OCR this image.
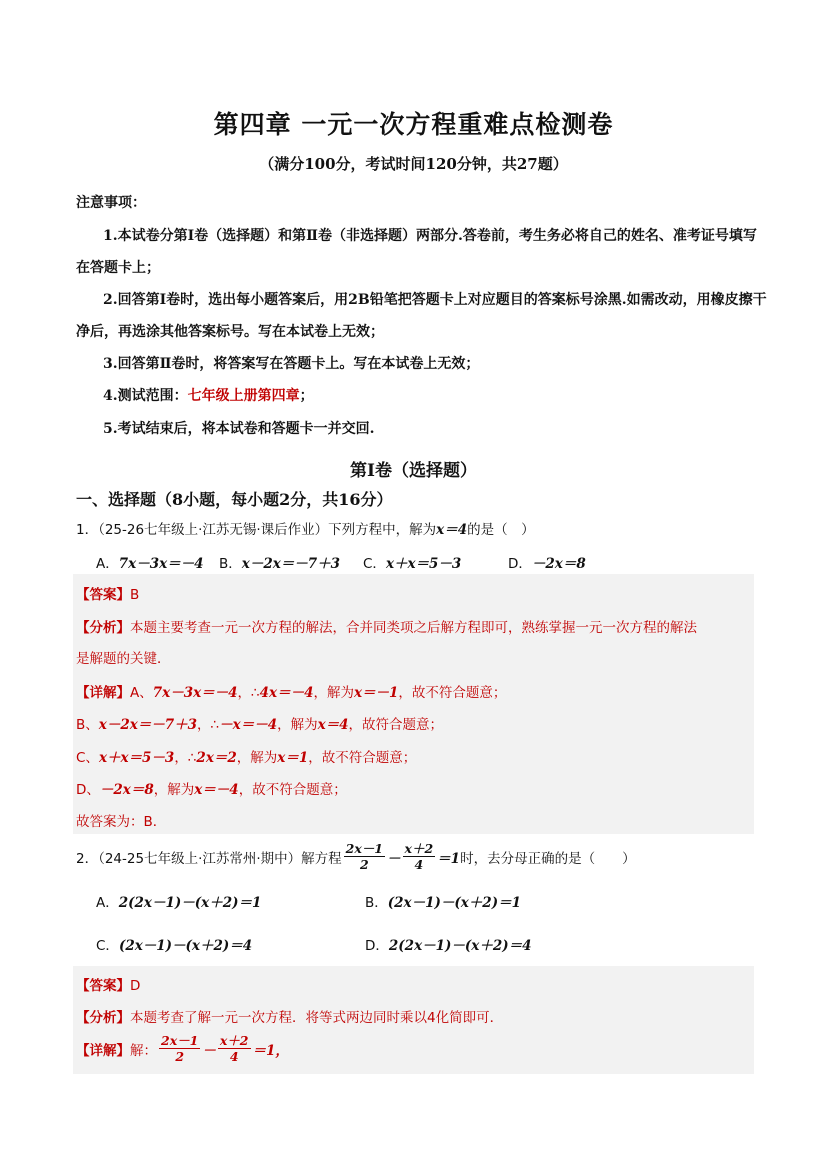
第四章 一元一次方程重难点检测卷
（满分100分，考试时间120分钟，共27题）
注意事项：
1.本试卷分第Ⅰ卷（选择题）和第Ⅱ卷（非选择题）两部分.答卷前，考生务必将自己的姓名、准考证号填写
在答题卡上；
2.回答第Ⅰ卷时，选出每小题答案后，用2B铅笔把答题卡上对应题目的答案标号涂黑.如需改动，用橡皮擦干
净后，再选涂其他答案标号。写在本试卷上无效；
3.回答第Ⅱ卷时，将答案写在答题卡上。写在本试卷上无效；
4.测试范围：七年级上册第四章；
5.考试结束后，将本试卷和答题卡一并交回.
第Ⅰ卷（选择题）
一、选择题（8小题，每小题2分，共16分）
1．（25-26七年级上·江苏无锡·课后作业）下列方程中，解为x＝4的是（　）
A．7x－3x＝－4 B．x－2x＝－7＋3 C．x＋x＝5－3	D．－2x＝8
【答案】B
【分析】本题主要考查一元一次方程的解法，合并同类项之后解方程即可，熟练掌握一元一次方程的解法
是解题的关键．
【详解】A、7x－3x＝－4，∴4x＝－4，解为x＝－1，故不符合题意；
B、x－2x＝－7＋3，∴－x＝－4，解为x＝4，故符合题意；
C、x＋x＝5－3，∴2x＝2，解为x＝1，故不符合题意；
D、－2x＝8，解为x＝－4，故不符合题意；
故答案为：B．
2．（24-25七年级上·江苏常州·期中）解方程 $\frac{2x-1}{2} - \frac{x+2}{4} =1$ 时，去分母正确的是（　　）
A．2(2x－1)－(x＋2)＝1	B．(2x－1)－(x＋2)＝1
C．(2x－1)－(x＋2)＝4	D．2(2x－1)－(x＋2)＝4
【答案】D
【分析】本题考查了解一元一次方程．将等式两边同时乘以4化简即可．
【详解】 解： $\frac{2x-1}{2} - \frac{x+2}{4} =1$，
